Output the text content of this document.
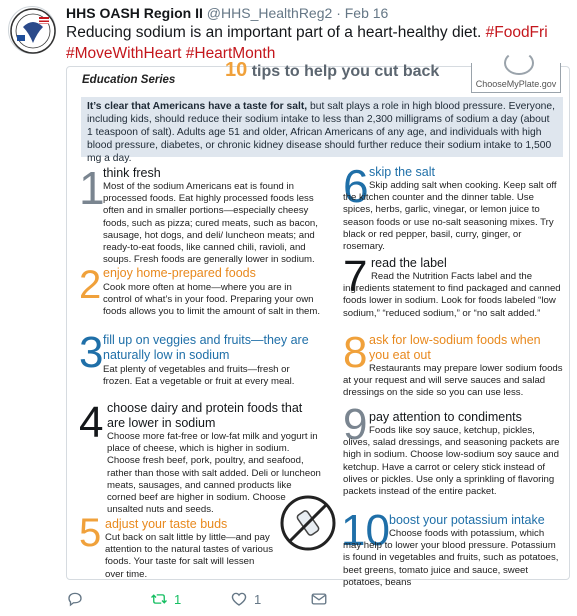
HHS OASH Region II @HHS_HealthReg2 · Feb 16
Reducing sodium is an important part of a heart-healthy diet. #FoodFri
#MoveWithHeart #HeartMonth
Education Series 10 tips to help you cut back
ChooseMyPlate.gov
It’s clear that Americans have a taste for salt, but salt plays a role in high blood pressure. Everyone, including kids, should reduce their sodium intake to less than 2,300 milligrams of sodium a day (about 1 teaspoon of salt). Adults age 51 and older, African Americans of any age, and individuals with high blood pressure, diabetes, or chronic kidney disease should further reduce their sodium intake to 1,500 mg a day.
1
think fresh
Most of the sodium Americans eat is found in processed foods. Eat highly processed foods less often and in smaller portions—especially cheesy foods, such as pizza; cured meats, such as bacon, sausage, hot dogs, and deli/ luncheon meats; and ready-to-eat foods, like canned chili, ravioli, and soups. Fresh foods are generally lower in sodium.
2 enjoy home-prepared foods
Cook more often at home—where you are in control of what’s in your food. Preparing your own foods allows you to limit the amount of salt in them.
3 fill up on veggies and fruits—they are naturally low in sodium
Eat plenty of vegetables and fruits—fresh or frozen. Eat a vegetable or fruit at every meal.
4 choose dairy and protein foods that are lower in sodium
Choose more fat-free or low-fat milk and yogurt in place of cheese, which is higher in sodium. Choose fresh beef, pork, poultry, and seafood, rather than those with salt added. Deli or luncheon meats, sausages, and canned products like corned beef are higher in sodium. Choose unsalted nuts and seeds.
5 adjust your taste buds
Cut back on salt little by little—and pay attention to the natural tastes of various foods. Your taste for salt will lessen over time.
6 skip the salt
Skip adding salt when cooking. Keep salt off the kitchen counter and the dinner table. Use spices, herbs, garlic, vinegar, or lemon juice to season foods or use no-salt seasoning mixes. Try black or red pepper, basil, curry, ginger, or rosemary.
7 read the label
Read the Nutrition Facts label and the ingredients statement to find packaged and canned foods lower in sodium. Look for foods labeled “low sodium,” “reduced sodium,” or “no salt added.”
8 ask for low-sodium foods when you eat out
Restaurants may prepare lower sodium foods at your request and will serve sauces and salad dressings on the side so you can use less.
9 pay attention to condiments
Foods like soy sauce, ketchup, pickles, olives, salad dressings, and seasoning packets are high in sodium. Choose low-sodium soy sauce and ketchup. Have a carrot or celery stick instead of olives or pickles. Use only a sprinkling of flavoring packets instead of the entire packet.
10 boost your potassium intake
Choose foods with potassium, which may help to lower your blood pressure. Potassium is found in vegetables and fruits, such as potatoes, beet greens, tomato juice and sauce, sweet potatoes, beans
1	1
